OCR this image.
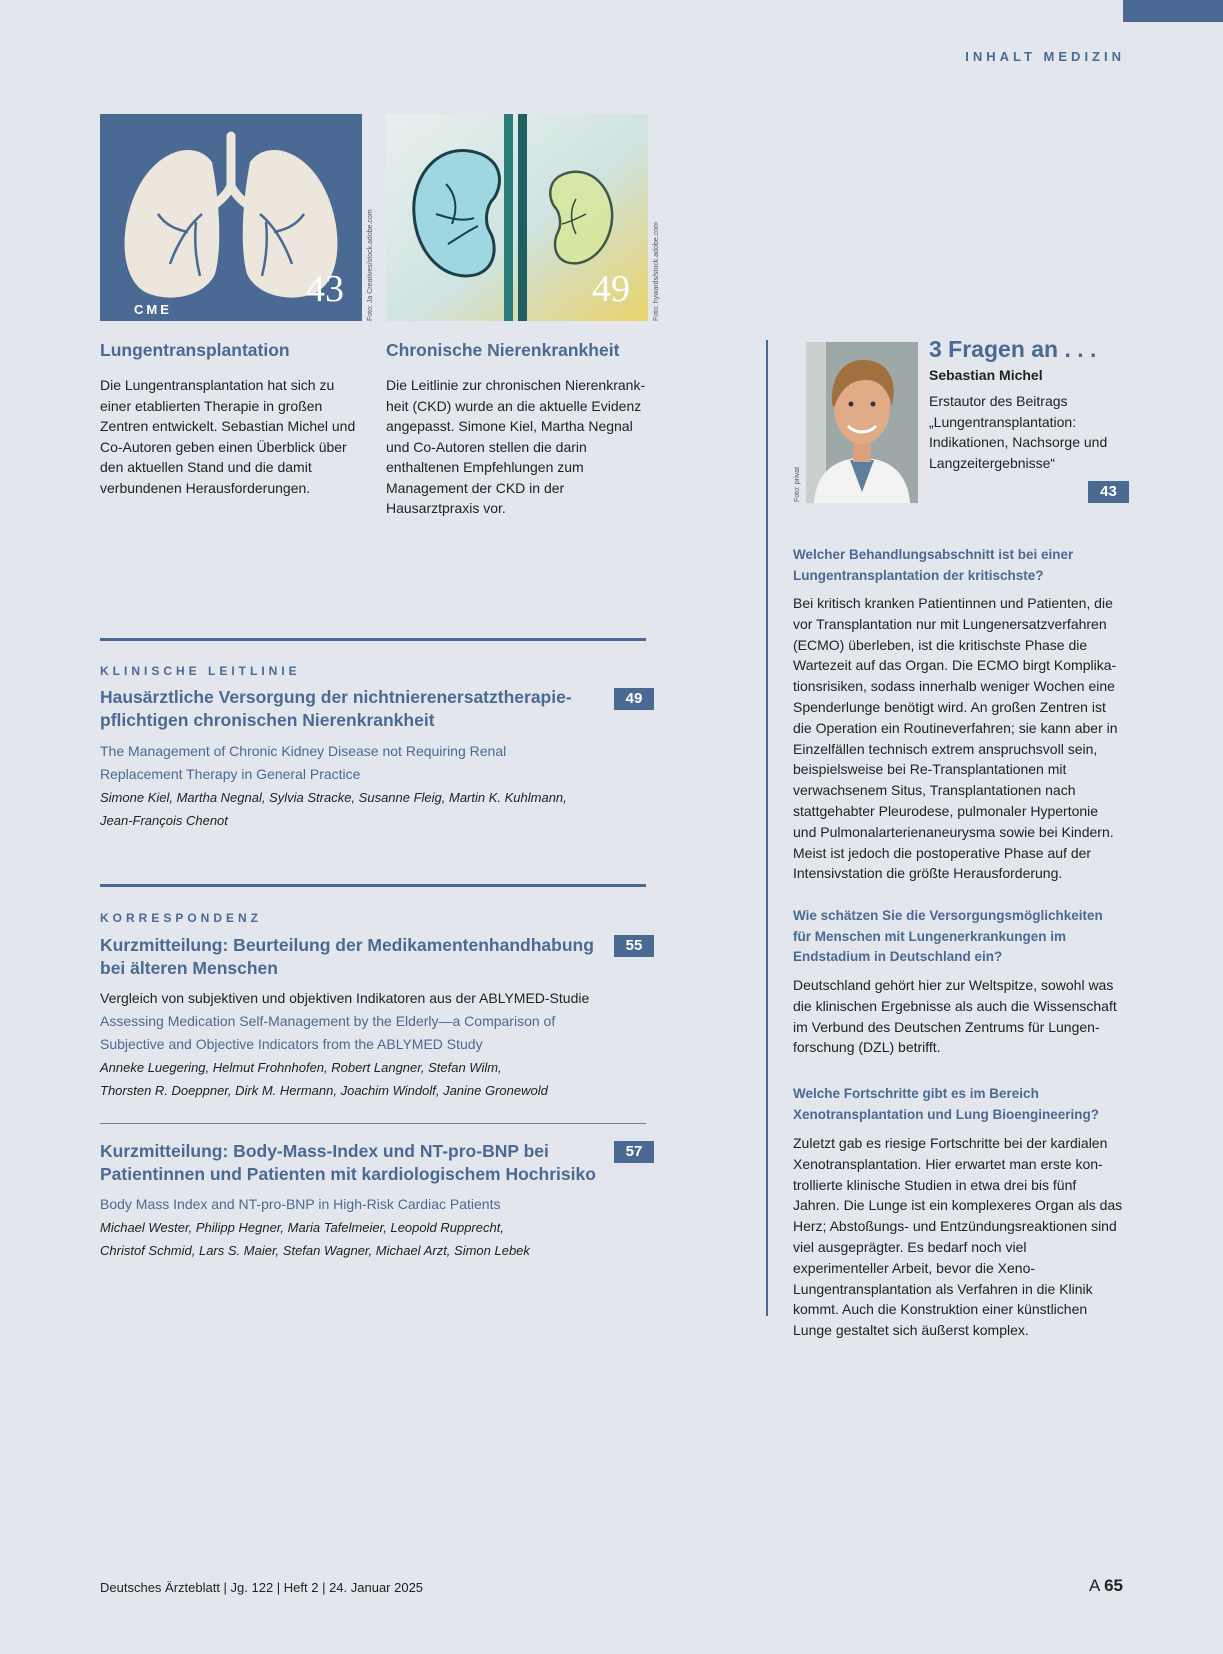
INHALT MEDIZIN
CME	43	Foto: Ja Creatives/stock.adobe.com	49	Foto: hywards/stock.adobe.com
Lungentransplantation
Die Lungentransplantation hat sich zu einer etablierten Therapie in großen Zentren entwickelt. Sebastian Michel und Co-Autoren geben einen Überblick über den aktuellen Stand und die damit verbundenen Herausforderungen.
Chronische Nierenkrankheit
Die Leitlinie zur chronischen Nierenkrankheit (CKD) wurde an die aktuelle Evidenz angepasst. Simone Kiel, Martha Negnal und Co-Autoren stellen die darin enthaltenen Empfehlungen zum Management der CKD in der Hausarztpraxis vor.
KLINISCHE LEITLINIE
Hausärztliche Versorgung der nichtnierenersatztherapiepflichtigen chronischen Nierenkrankheit
49
The Management of Chronic Kidney Disease not Requiring Renal
Replacement Therapy in General Practice
Simone Kiel, Martha Negnal, Sylvia Stracke, Susanne Fleig, Martin K. Kuhlmann,
Jean-François Chenot
KORRESPONDENZ
Kurzmitteilung: Beurteilung der Medikamentenhandhabung bei älteren Menschen
55
Vergleich von subjektiven und objektiven Indikatoren aus der ABLYMED-Studie
Assessing Medication Self-Management by the Elderly—a Comparison of
Subjective and Objective Indicators from the ABLYMED Study
Anneke Luegering, Helmut Frohnhofen, Robert Langner, Stefan Wilm,
Thorsten R. Doeppner, Dirk M. Hermann, Joachim Windolf, Janine Gronewold
Kurzmitteilung: Body-Mass-Index und NT-pro-BNP bei Patientinnen und Patienten mit kardiologischem Hochrisiko
57
Body Mass Index and NT-pro-BNP in High-Risk Cardiac Patients
Michael Wester, Philipp Hegner, Maria Tafelmeier, Leopold Rupprecht,
Christof Schmid, Lars S. Maier, Stefan Wagner, Michael Arzt, Simon Lebek
Foto: privat
3 Fragen an . . .
Sebastian Michel
Erstautor des Beitrags „Lungentransplantation: Indikationen, Nachsorge und Langzeitergebnisse“
43
Welcher Behandlungsabschnitt ist bei einer Lungentransplantation der kritischste?
Bei kritisch kranken Patientinnen und Patienten, die vor Transplantation nur mit Lungenersatzverfahren (ECMO) überleben, ist die kritischste Phase die Wartezeit auf das Organ. Die ECMO birgt Komplikationsrisiken, sodass innerhalb weniger Wochen eine Spenderlunge benötigt wird. An großen Zentren ist die Operation ein Routineverfahren; sie kann aber in Einzelfällen technisch extrem anspruchsvoll sein, beispielsweise bei Re-Transplantationen mit verwachsenem Situs, Transplantationen nach stattgehabter Pleurodese, pulmonaler Hypertonie und Pulmonalarterienaneurysma sowie bei Kindern. Meist ist jedoch die postoperative Phase auf der Intensivstation die größte Herausforderung.
Wie schätzen Sie die Versorgungsmöglichkeiten für Menschen mit Lungenerkrankungen im Endstadium in Deutschland ein?
Deutschland gehört hier zur Weltspitze, sowohl was die klinischen Ergebnisse als auch die Wissenschaft im Verbund des Deutschen Zentrums für Lungenforschung (DZL) betrifft.
Welche Fortschritte gibt es im Bereich Xenotransplantation und Lung Bioengineering?
Zuletzt gab es riesige Fortschritte bei der kardialen Xenotransplantation. Hier erwartet man erste kontrollierte klinische Studien in etwa drei bis fünf Jahren. Die Lunge ist ein komplexeres Organ als das Herz; Abstoßungs- und Entzündungsreaktionen sind viel ausgeprägter. Es bedarf noch viel experimenteller Arbeit, bevor die Xeno-Lungentransplantation als Verfahren in die Klinik kommt. Auch die Konstruktion einer künstlichen Lunge gestaltet sich äußerst komplex.
Deutsches Ärzteblatt | Jg. 122 | Heft 2 | 24. Januar 2025	A 65
